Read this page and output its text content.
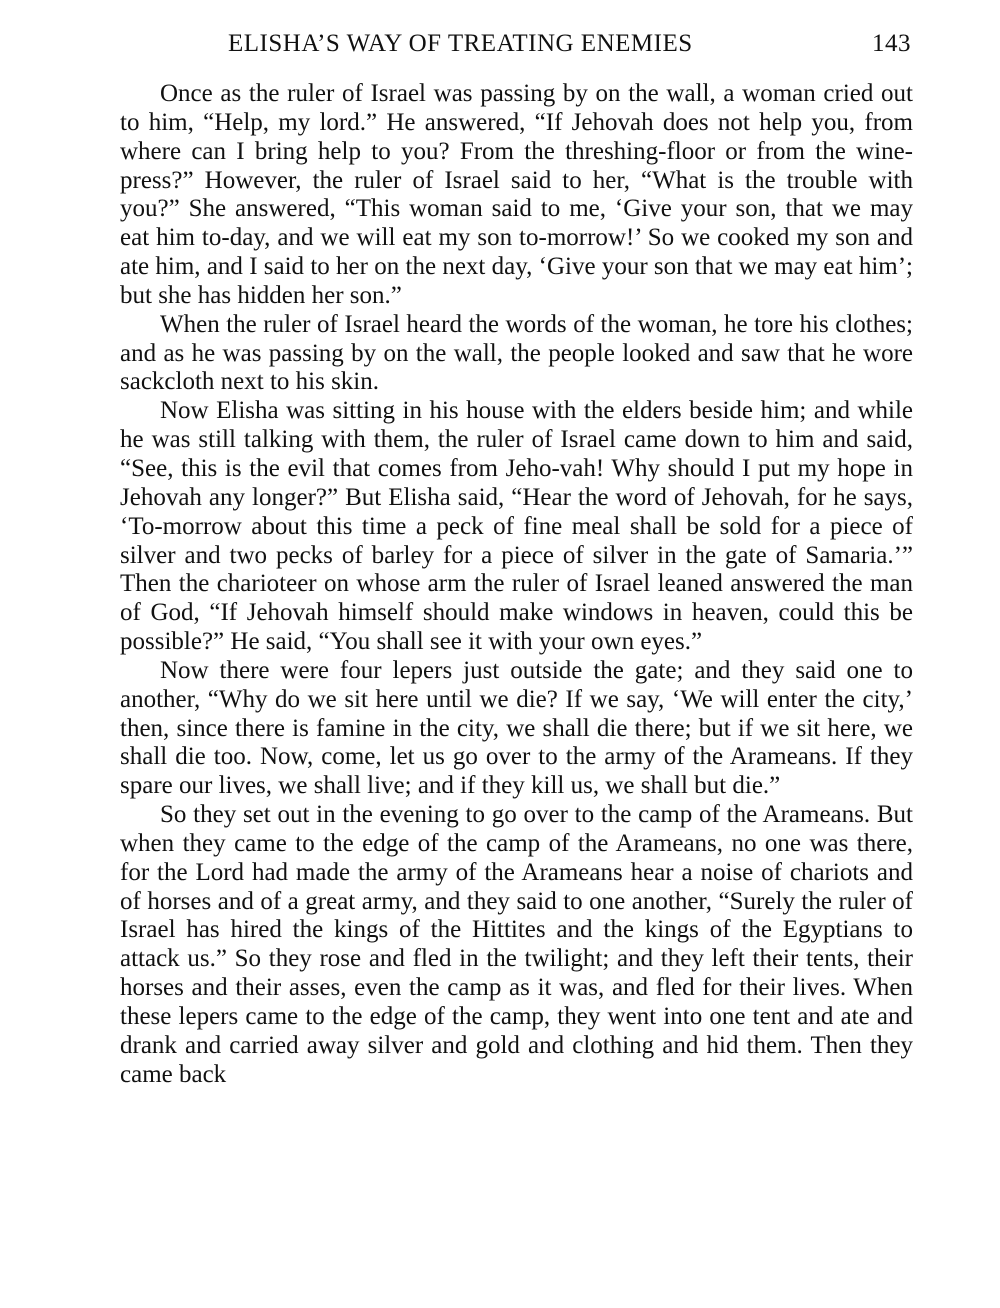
ELISHA’S WAY OF TREATING ENEMIES	143

Once as the ruler of Israel was passing by on the wall, a woman cried out to him, “Help, my lord.” He answered, “If Jehovah does not help you, from where can I bring help to you? From the threshing-floor or from the wine-press?” However, the ruler of Israel said to her, “What is the trouble with you?” She answered, “This woman said to me, ‘Give your son, that we may eat him to-day, and we will eat my son to-morrow!’ So we cooked my son and ate him, and I said to her on the next day, ‘Give your son that we may eat him’; but she has hidden her son.”

When the ruler of Israel heard the words of the woman, he tore his clothes; and as he was passing by on the wall, the people looked and saw that he wore sackcloth next to his skin.

Now Elisha was sitting in his house with the elders beside him; and while he was still talking with them, the ruler of Israel came down to him and said, “See, this is the evil that comes from Jeho-vah! Why should I put my hope in Jehovah any longer?” But Elisha said, “Hear the word of Jehovah, for he says, ‘To-morrow about this time a peck of fine meal shall be sold for a piece of silver and two pecks of barley for a piece of silver in the gate of Samaria.’” Then the charioteer on whose arm the ruler of Israel leaned answered the man of God, “If Jehovah himself should make windows in heaven, could this be possible?” He said, “You shall see it with your own eyes.”

Now there were four lepers just outside the gate; and they said one to another, “Why do we sit here until we die? If we say, ‘We will enter the city,’ then, since there is famine in the city, we shall die there; but if we sit here, we shall die too. Now, come, let us go over to the army of the Arameans. If they spare our lives, we shall live; and if they kill us, we shall but die.”

So they set out in the evening to go over to the camp of the Arameans. But when they came to the edge of the camp of the Arameans, no one was there, for the Lord had made the army of the Arameans hear a noise of chariots and of horses and of a great army, and they said to one another, “Surely the ruler of Israel has hired the kings of the Hittites and the kings of the Egyptians to attack us.” So they rose and fled in the twilight; and they left their tents, their horses and their asses, even the camp as it was, and fled for their lives. When these lepers came to the edge of the camp, they went into one tent and ate and drank and carried away silver and gold and clothing and hid them. Then they came back
